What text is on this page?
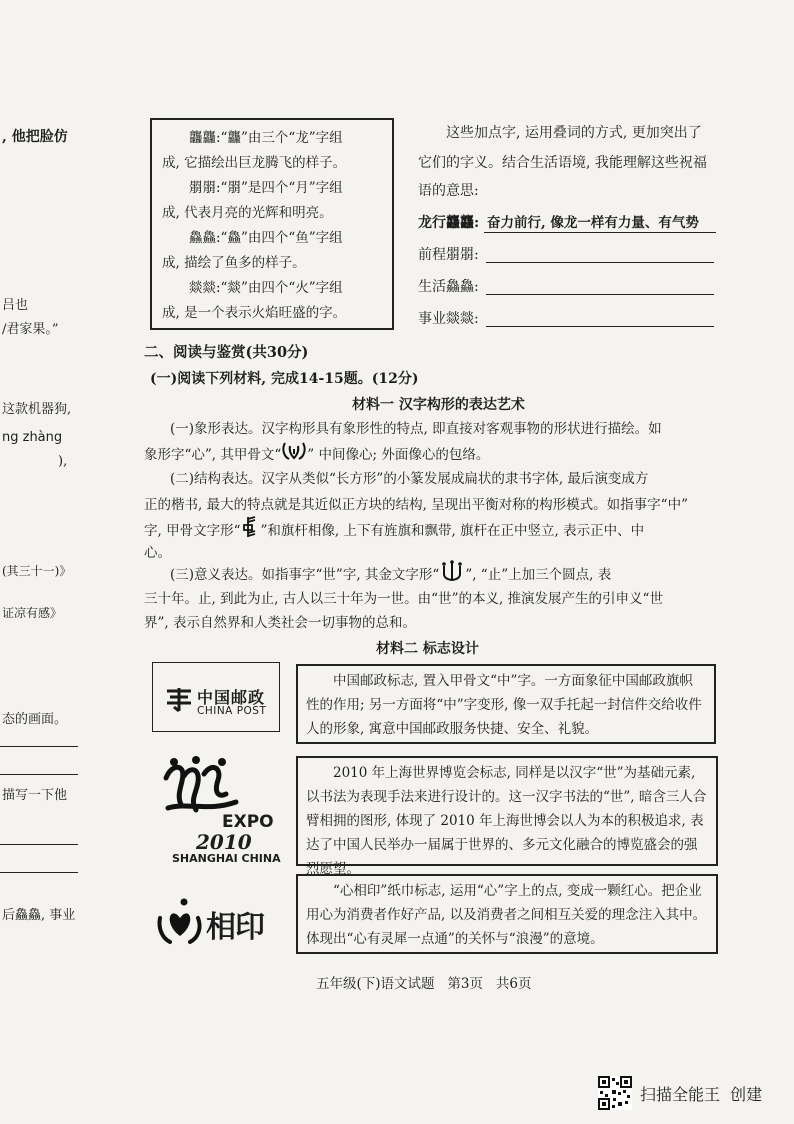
, 他把脸仿
吕也
/君家果。”
这款机器狗,
ng zhàng
),
(其三十一)》
证凉有感》
态的画面。
描写一下他
后鱻鱻, 事业

龘龘:“龘”由三个“龙”字组

成, 它描绘出巨龙腾飞的样子。

朤朤:“朤”是四个“月”字组

成, 代表月亮的光辉和明亮。

鱻鱻:“鱻”由四个“鱼”字组

成, 描绘了鱼多的样子。

燚燚:“燚”由四个“火”字组

成, 是一个表示火焰旺盛的字。

这些加点字, 运用叠词的方式, 更加突出了
它们的字义。结合生活语境, 我能理解这些祝福
语的意思:
龙行龘龘: 奋力前行, 像龙一样有力量、有气势
前程朤朤:
生活鱻鱻:
事业燚燚:
二、阅读与鉴赏(共30分)
(一)阅读下列材料, 完成14-15题。(12分)
材料一 汉字构形的表达艺术
(一)象形表达。汉字构形具有象形性的特点, 即直接对客观事物的形状进行描绘。如
象形字“心”, 其甲骨文“ ” 中间像心; 外面像心的包络。
(二)结构表达。汉字从类似“长方形”的小篆发展成扁状的隶书字体, 最后演变成方
正的楷书, 最大的特点就是其近似正方块的结构, 呈现出平衡对称的构形模式。如指事字“中”
字, 甲骨文字形“ ”和旗杆相像, 上下有旌旗和飘带, 旗杆在正中竖立, 表示正中、中
心。
(三)意义表达。如指事字“世”字, 其金文字形“ ”, “止”上加三个圆点, 表
三十年。止, 到此为止, 古人以三十年为一世。由“世”的本义, 推演发展产生的引申义“世
界”, 表示自然界和人类社会一切事物的总和。
材料二 标志设计
中国邮政
CHINA POST
EXPO
2010
SHANGHAI CHINA
相印

中国邮政标志, 置入甲骨文“中”字。一方面象征中国邮政旗帜性的作用; 另一方面将“中”字变形, 像一双手托起一封信件交给收件人的形象, 寓意中国邮政服务快捷、安全、礼貌。

2010 年上海世界博览会标志, 同样是以汉字“世”为基础元素, 以书法为表现手法来进行设计的。这一汉字书法的“世”, 暗含三人合臂相拥的图形, 体现了 2010 年上海世博会以人为本的积极追求, 表达了中国人民举办一届属于世界的、多元文化融合的博览盛会的强烈愿望。

“心相印”纸巾标志, 运用“心”字上的点, 变成一颗红心。把企业用心为消费者作好产品, 以及消费者之间相互关爱的理念注入其中。体现出“心有灵犀一点通”的关怀与“浪漫”的意境。

五年级(下)语文试题   第3页   共6页
扫描全能王  创建
